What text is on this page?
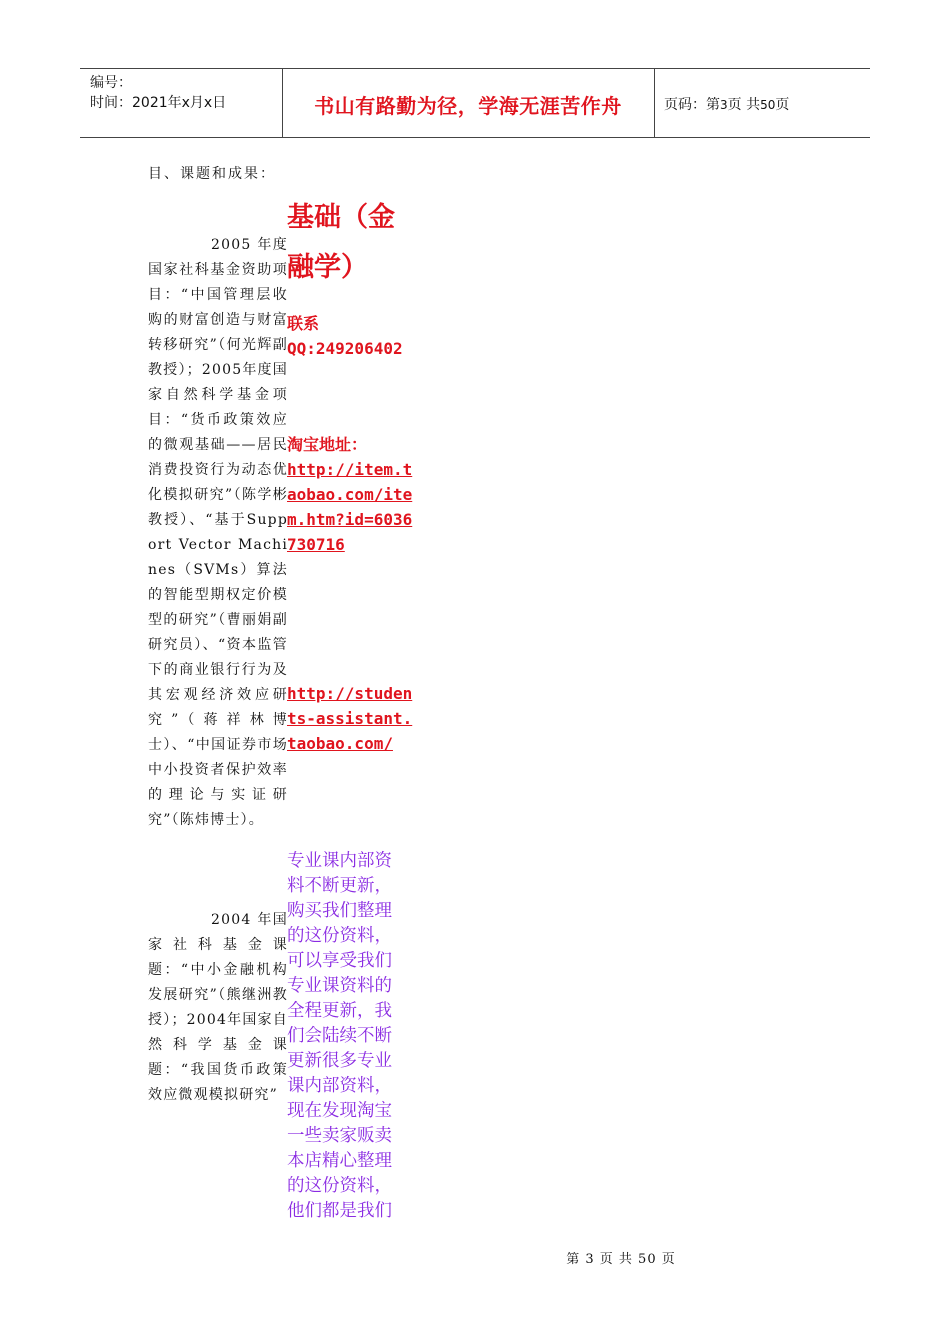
编号：
时间：2021年x月x日	书山有路勤为径，学海无涯苦作舟	页码：第3页 共50页
目、课题和成果：

2005 年度国家社科基金资助项目：“中国管理层收购的财富创造与财富转移研究”（何光辉副教授）；2005年度国家自然科学基金项目：“货币政策效应的微观基础——居民消费投资行为动态优化模拟研究”（陈学彬教授）、“基于Support Vector Machines（SVMs）算法的智能型期权定价模型的研究”（曹丽娟副研究员）、“资本监管下的商业银行行为及其宏观经济效应研究”（蒋祥林博士）、“中国证券市场中小投资者保护效率的理论与实证研究”（陈炜博士）。

2004 年国家社科基金课题：“中小金融机构发展研究”（熊继洲教授）；2004年国家自然科学基金课题：“我国货币政策效应微观模拟研究”

基础（金融学）
联系
QQ:249206402
淘宝地址：
http://item.taobao.com/item.htm?id=6036730716
http://students-assistant.taobao.com/
专业课内部资料不断更新，购买我们整理的这份资料，可以享受我们专业课资料的全程更新，我们会陆续不断更新很多专业课内部资料，现在发现淘宝一些卖家贩卖本店精心整理的这份资料，他们都是我们
第 3 页 共 50 页
